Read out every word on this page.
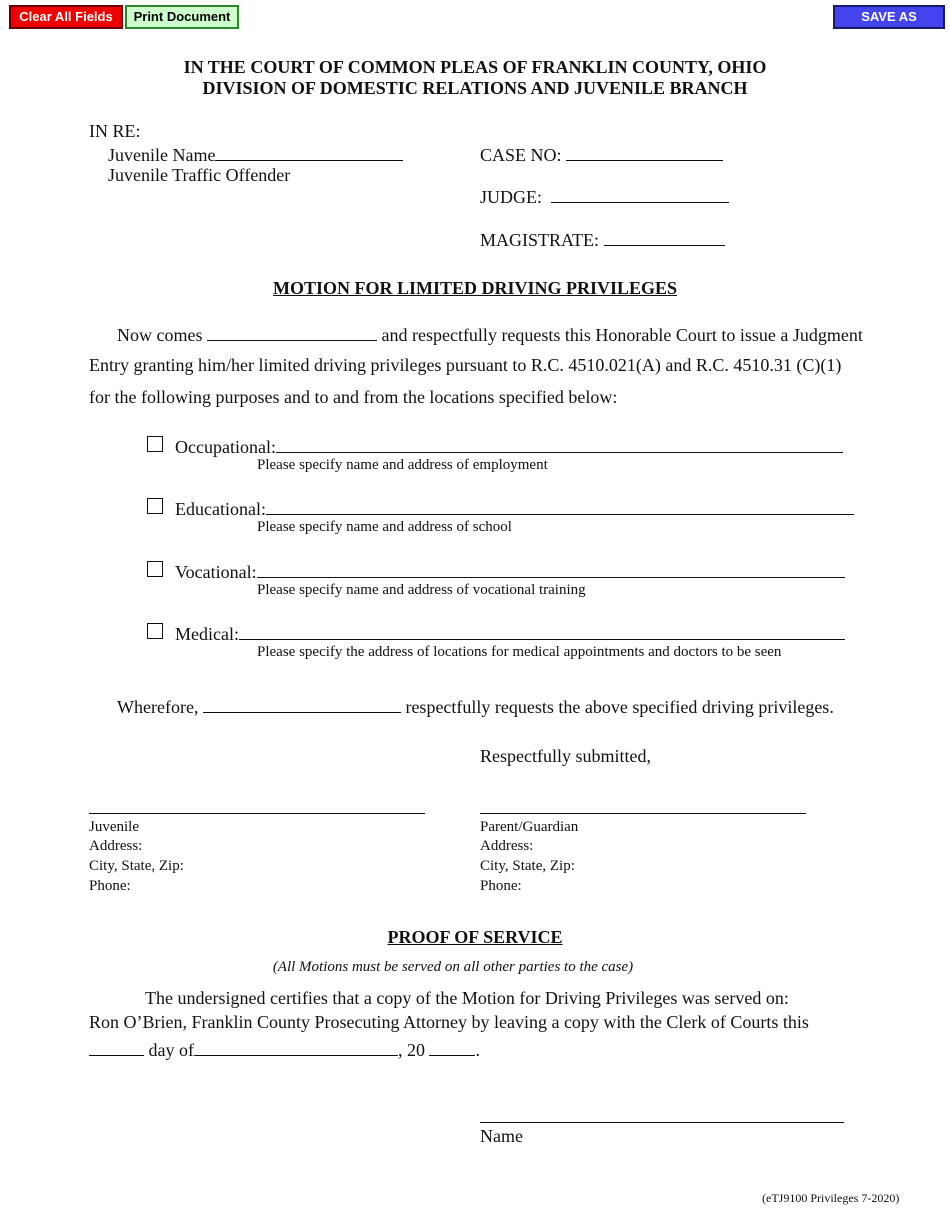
Clear All Fields	Print Document	SAVE AS
IN THE COURT OF COMMON PLEAS OF FRANKLIN COUNTY, OHIO
DIVISION OF DOMESTIC RELATIONS AND JUVENILE BRANCH
IN RE:
Juvenile Name
Juvenile Traffic Offender
CASE NO:
JUDGE:
MAGISTRATE:
MOTION FOR LIMITED DRIVING PRIVILEGES
Now comes	and respectfully requests this Honorable Court to issue a Judgment
Entry granting him/her limited driving privileges pursuant to R.C. 4510.021(A) and R.C. 4510.31 (C)(1)
for the following purposes and to and from the locations specified below:
Occupational:
Please specify name and address of employment
Educational:
Please specify name and address of school
Vocational:
Please specify name and address of vocational training
Medical:
Please specify the address of locations for medical appointments and doctors to be seen
Wherefore,	respectfully requests the above specified driving privileges.
Respectfully submitted,
Juvenile
Address:
City, State, Zip:
Phone:
Parent/Guardian
Address:
City, State, Zip:
Phone:
PROOF OF SERVICE
(All Motions must be served on all other parties to the case)
The undersigned certifies that a copy of the Motion for Driving Privileges was served on:
Ron O’Brien, Franklin County Prosecuting Attorney by leaving a copy with the Clerk of Courts this
day of	, 20	.
Name
(eTJ9100 Privileges 7-2020)
